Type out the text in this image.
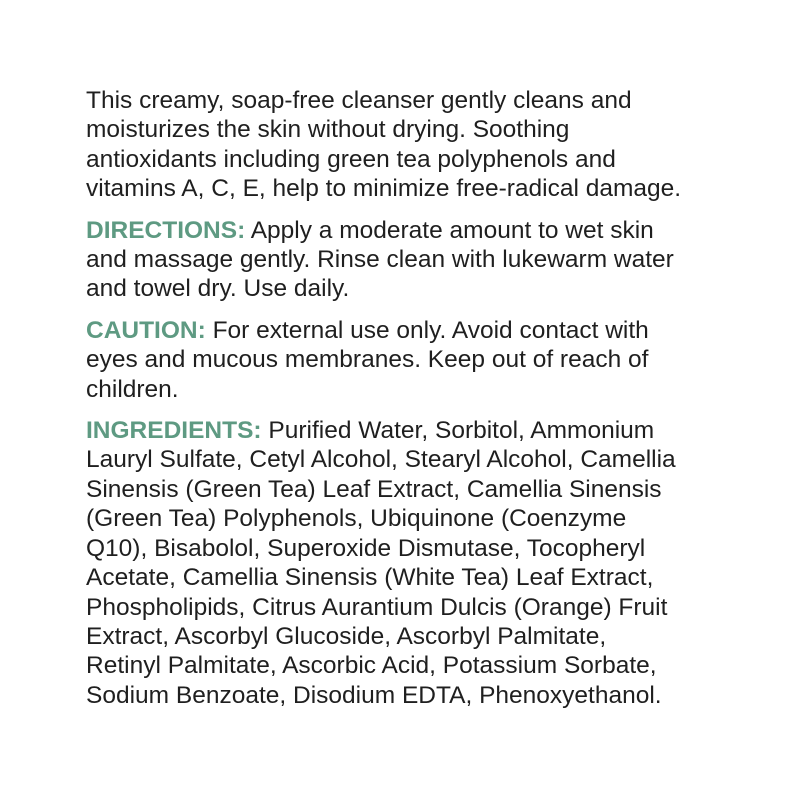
This creamy, soap-free cleanser gently cleans and
moisturizes the skin without drying. Soothing
antioxidants including green tea polyphenols and
vitamins A, C, E, help to minimize free-radical damage.

DIRECTIONS: Apply a moderate amount to wet skin
and massage gently. Rinse clean with lukewarm water
and towel dry. Use daily.

CAUTION: For external use only. Avoid contact with
eyes and mucous membranes. Keep out of reach of
children.

INGREDIENTS: Purified Water, Sorbitol, Ammonium
Lauryl Sulfate, Cetyl Alcohol, Stearyl Alcohol, Camellia
Sinensis (Green Tea) Leaf Extract, Camellia Sinensis
(Green Tea) Polyphenols, Ubiquinone (Coenzyme
Q10), Bisabolol, Superoxide Dismutase, Tocopheryl
Acetate, Camellia Sinensis (White Tea) Leaf Extract,
Phospholipids, Citrus Aurantium Dulcis (Orange) Fruit
Extract, Ascorbyl Glucoside, Ascorbyl Palmitate,
Retinyl Palmitate, Ascorbic Acid, Potassium Sorbate,
Sodium Benzoate, Disodium EDTA, Phenoxyethanol.
